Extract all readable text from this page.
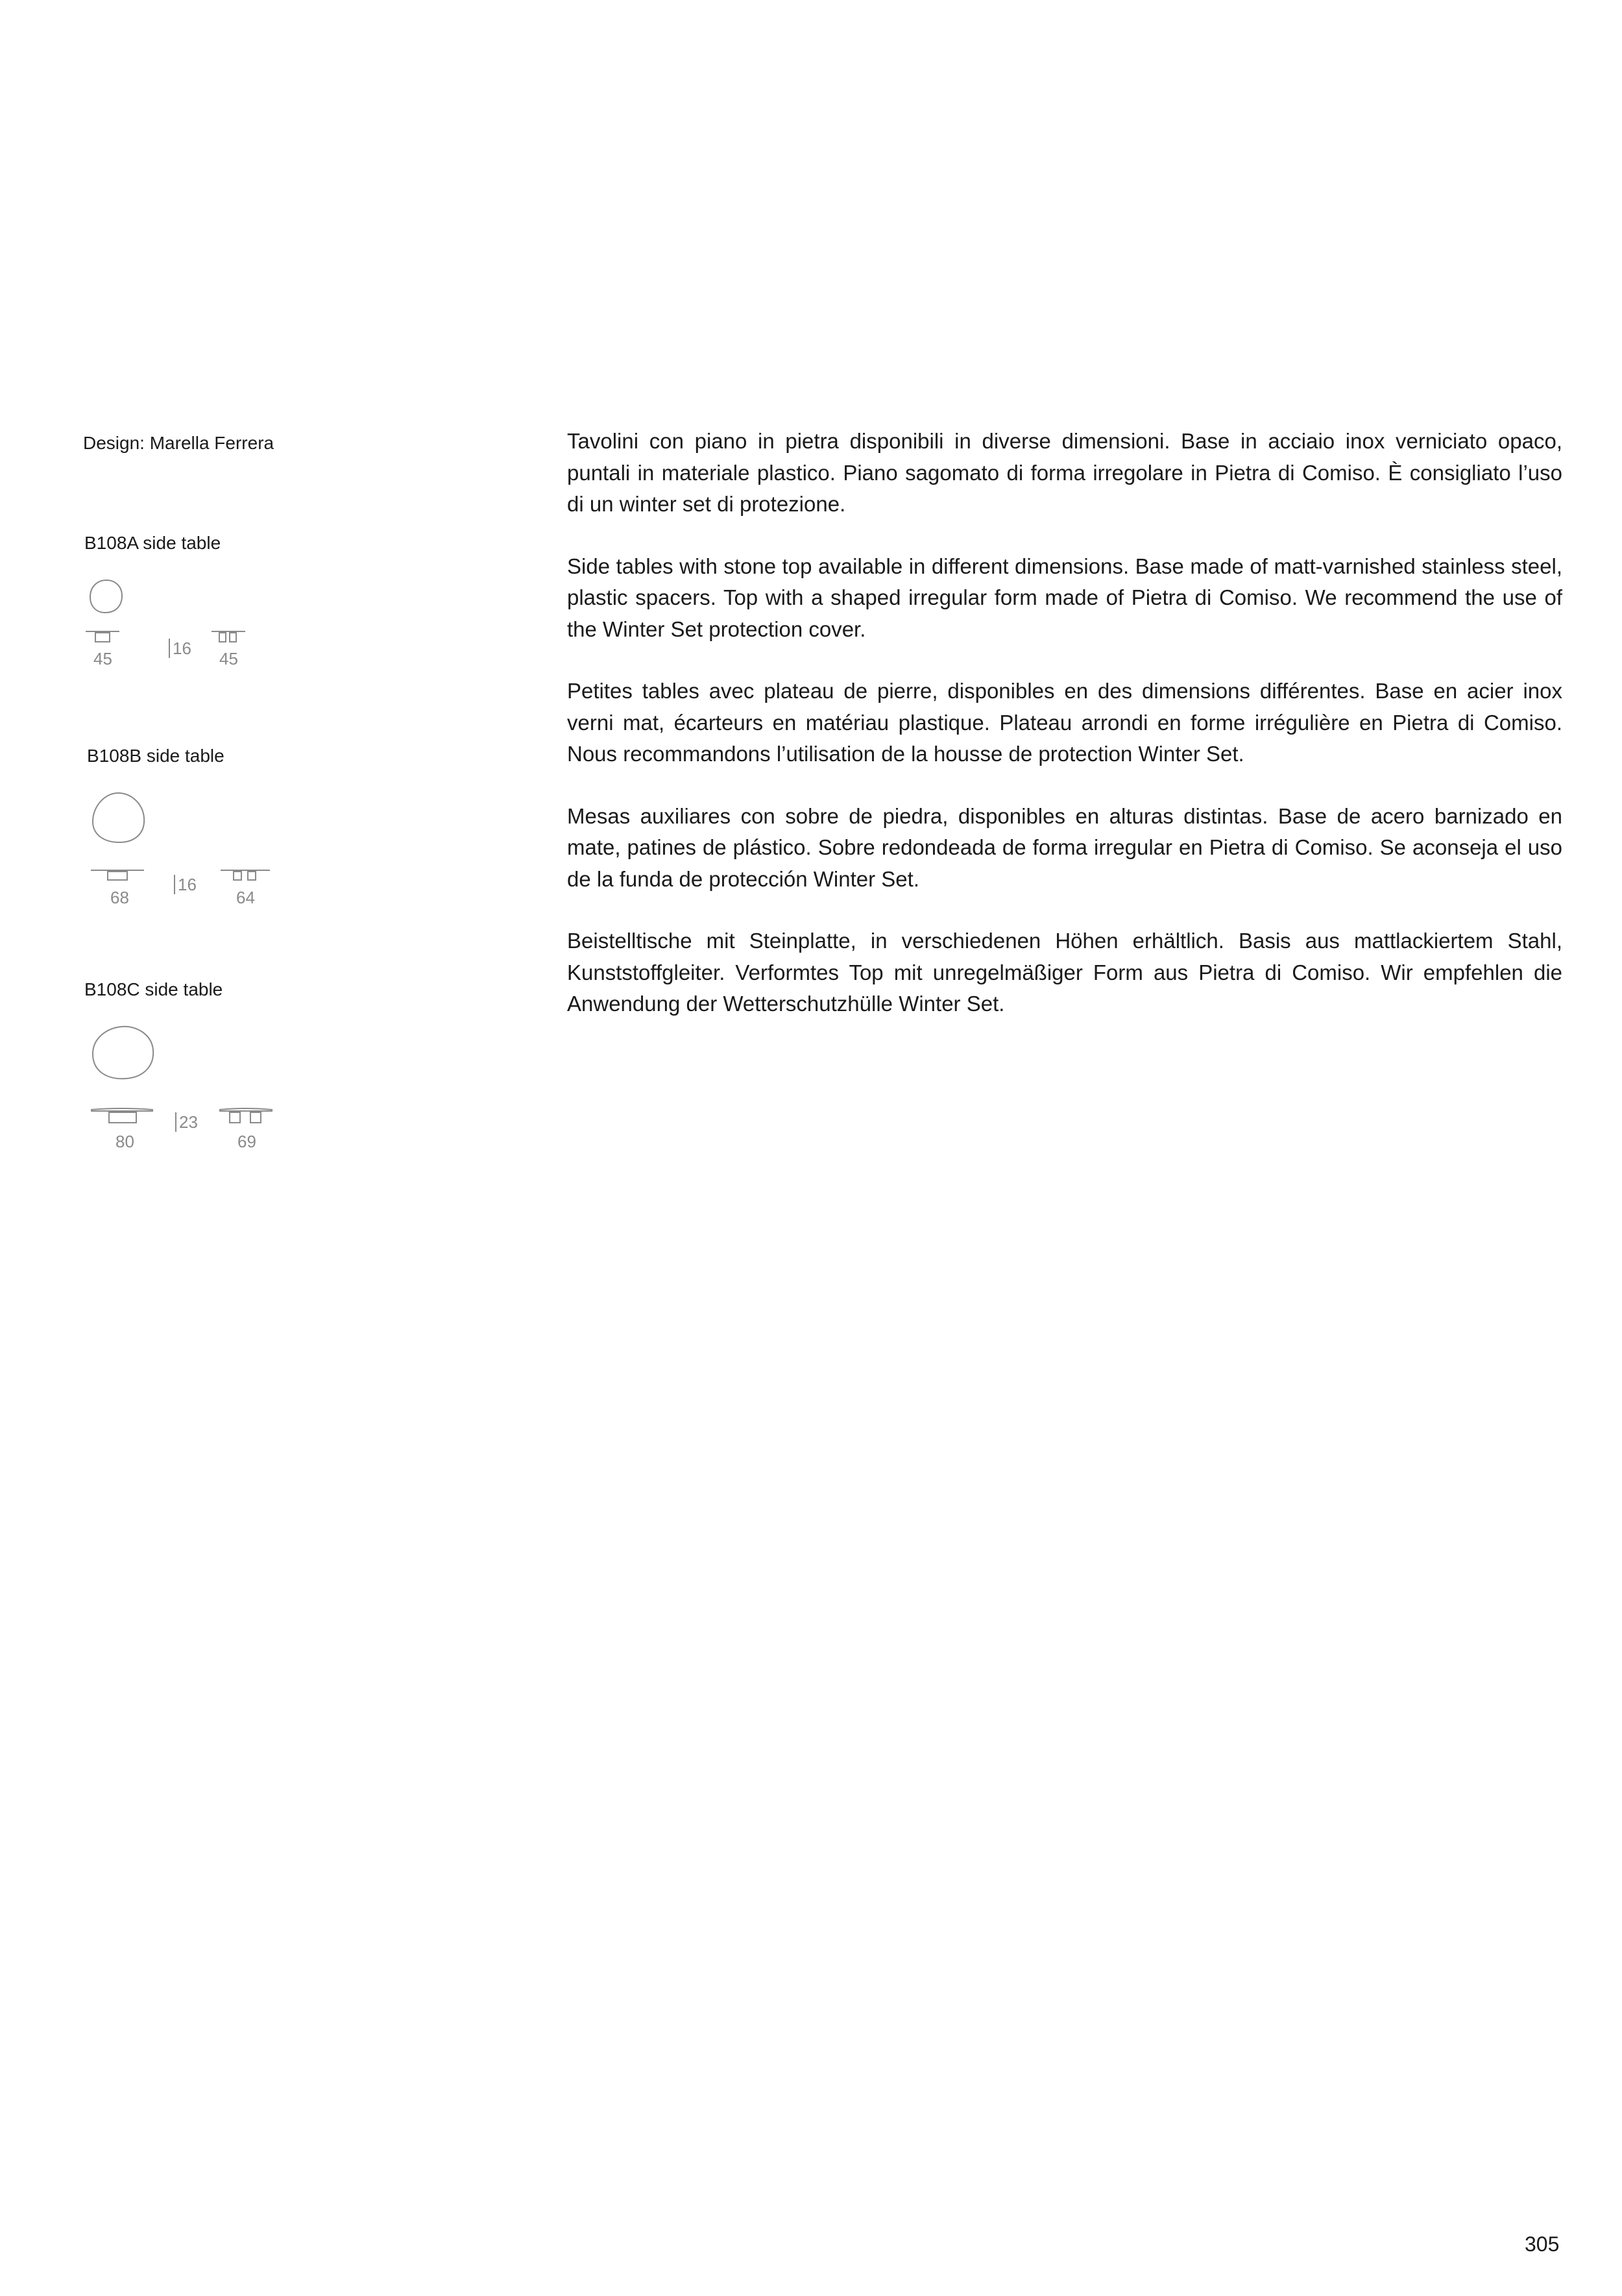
Design: Marella Ferrera
B108A side table
45
16
45
B108B side table
68
16
64
B108C side table
80
23
69

Tavolini con piano in pietra disponibili in diverse dimensioni. Base in acciaio inox verniciato opaco, puntali in materiale plastico. Piano sagomato di forma irregolare in Pietra di Comiso. È consigliato l’uso di un winter set di protezione.

Side tables with stone top available in different dimensions. Base made of matt-varnished stainless steel, plastic spacers. Top with a shaped irregular form made of Pietra di Comiso. We recommend the use of the Winter Set protection cover.

Petites tables avec plateau de pierre, disponibles en des dimensions différentes. Base en acier inox verni mat, écarteurs en matériau plastique. Plateau arrondi en forme irrégulière en Pietra di Comiso. Nous recommandons l’utilisation de la housse de protection Winter Set.

Mesas auxiliares con sobre de piedra, disponibles en alturas distintas. Base de acero barnizado en mate, patines de plástico. Sobre redondeada de forma irregular en Pietra di Comiso. Se aconseja el uso de la funda de protección Winter Set.

Beistelltische mit Steinplatte, in verschiedenen Höhen erhältlich. Basis aus mattlackiertem Stahl, Kunststoffgleiter. Verformtes Top mit unregelmäßiger Form aus Pietra di Comiso. Wir empfehlen die Anwendung der Wetterschutzhülle Winter Set.

305
